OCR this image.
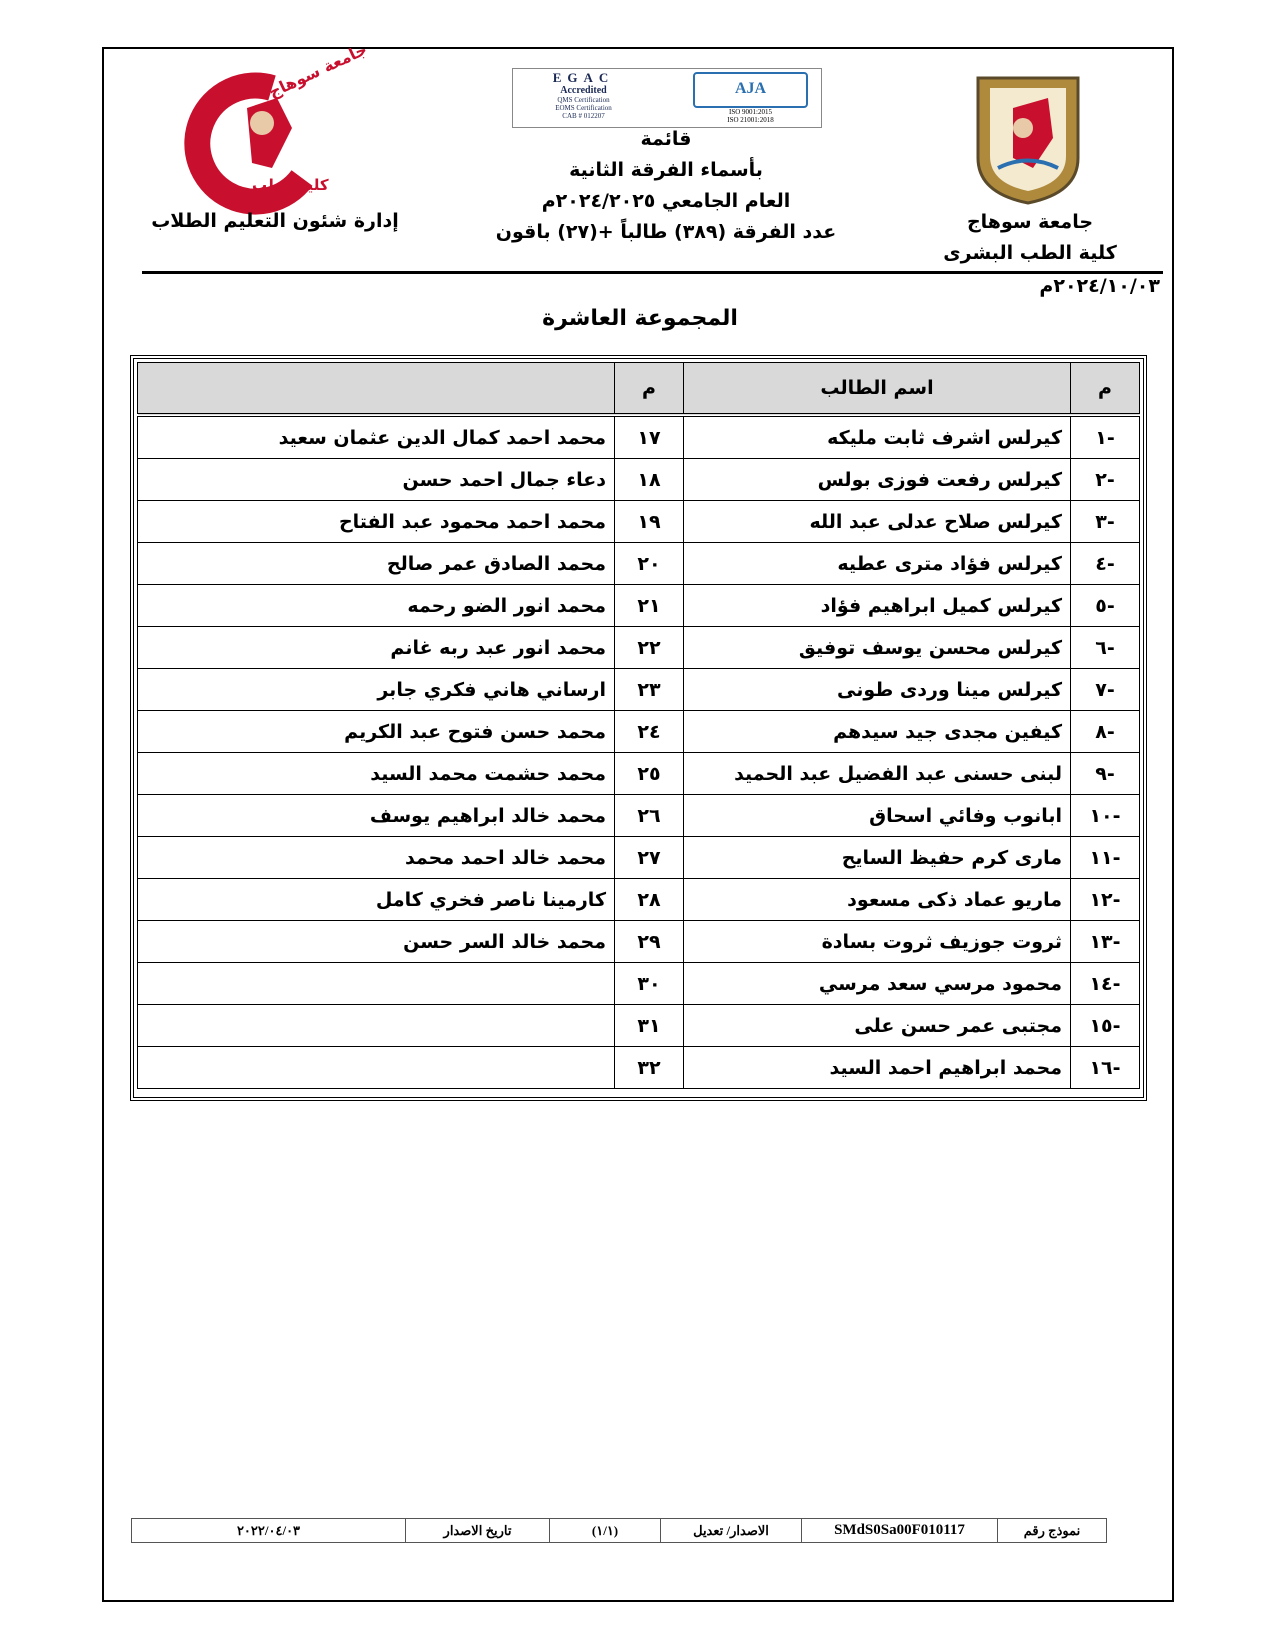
جامعة سوهاج
كلية الطب
إدارة شئون التعليم الطلاب
EGAC
Accredited
QMS Certification
EOMS Certification
CAB # 012207
AJA
ISO 9001:2015
ISO 21001:2018
قائمة
بأسماء الفرقة الثانية
العام الجامعي ٢٠٢٤/٢٠٢٥م
عدد الفرقة (٣٨٩) طالباً +(٢٧) باقون	جامعة سوهاج
كلية الطب البشرى
٢٠٢٤/١٠/٠٣م
المجموعة العاشرة
م	اسم الطالب	م	
-١	كيرلس اشرف ثابت مليكه	١٧	محمد احمد كمال الدين عثمان سعيد
-٢	كيرلس رفعت فوزى بولس	١٨	دعاء جمال احمد حسن
-٣	كيرلس صلاح عدلى عبد الله	١٩	محمد احمد محمود عبد الفتاح
-٤	كيرلس فؤاد مترى عطيه	٢٠	محمد الصادق عمر صالح
-٥	كيرلس كميل ابراهيم فؤاد	٢١	محمد انور الضو رحمه
-٦	كيرلس محسن يوسف توفيق	٢٢	محمد انور عبد ربه غانم
-٧	كيرلس مينا وردى طونى	٢٣	ارساني هاني فكري جابر
-٨	كيفين مجدى جيد سيدهم	٢٤	محمد حسن فتوح عبد الكريم
-٩	لبنى حسنى عبد الفضيل عبد الحميد	٢٥	محمد حشمت محمد السيد
-١٠	ابانوب وفائي اسحاق	٢٦	محمد خالد ابراهيم يوسف
-١١	مارى كرم حفيظ السايح	٢٧	محمد خالد احمد محمد
-١٢	ماريو عماد ذكى مسعود	٢٨	كارمينا ناصر فخري كامل
-١٣	ثروت جوزيف ثروت بسادة	٢٩	محمد خالد السر حسن
-١٤	محمود مرسي سعد مرسي	٣٠	
-١٥	مجتبى عمر حسن على	٣١	
-١٦	محمد ابراهيم احمد السيد	٣٢	
نموذج رقم
SMdS0Sa00F010117
الاصدار/ تعديل
(١/١)
تاريخ الاصدار
٢٠٢٢/٠٤/٠٣
